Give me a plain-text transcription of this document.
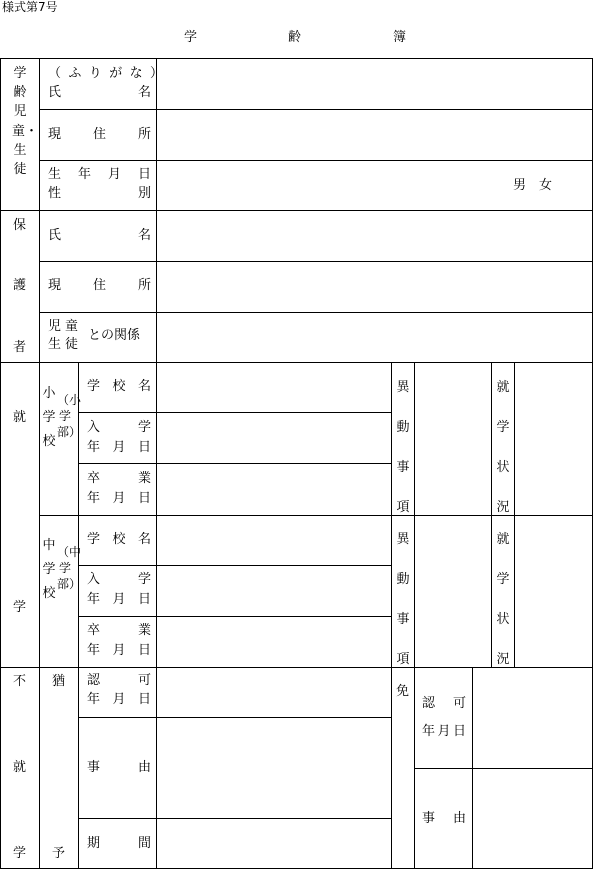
様式第7号
学	齢	簿
学齢児童・生徒
（ふりがな）
氏名
現住所
生年月日
性別
男　女
保
護
者
氏名
現住所
児童
生徒
との関係
就
学
小学校
（小学部）
学校名
入学
年月日
卒業
年月日
異動事項
就学状況
中学校
（中学部）
学校名
入学
年月日
卒業
年月日
異動事項
就学状況
不
就
学
猶
予
認可
年月日
事由
期間
免
認可
年月日
事由
